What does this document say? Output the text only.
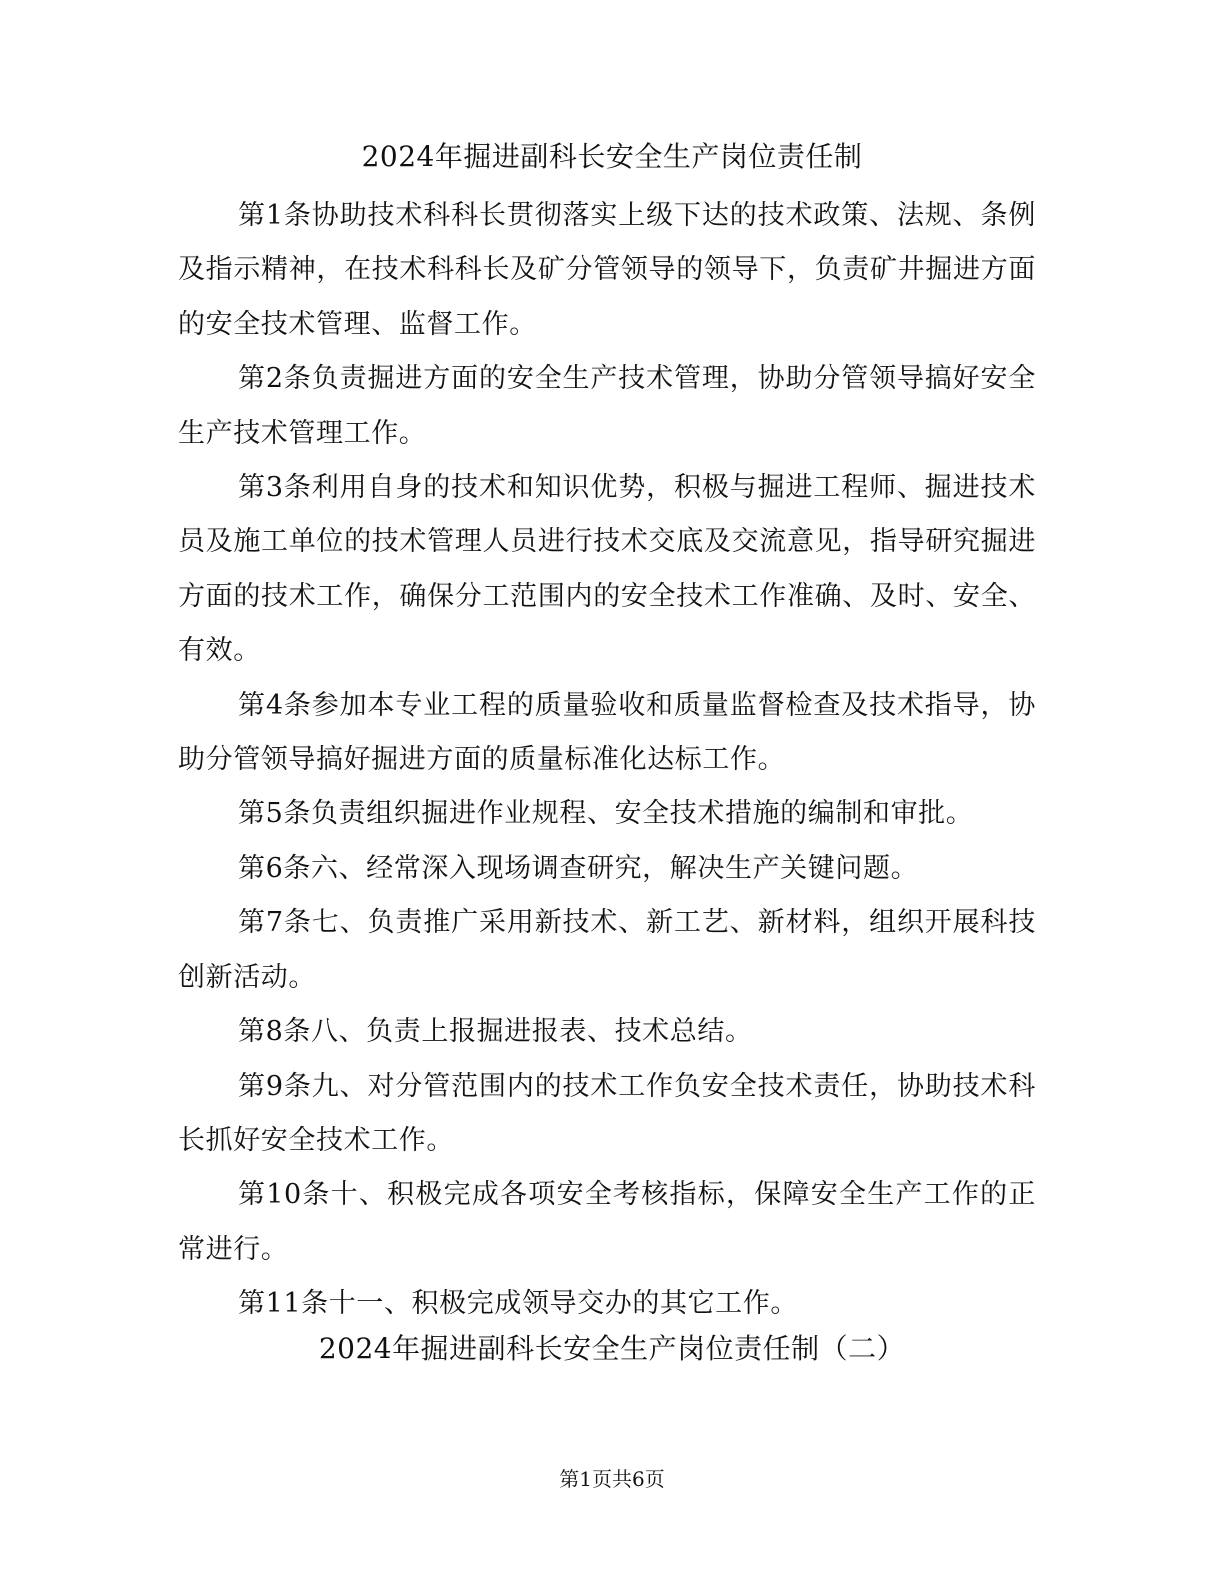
2024年掘进副科长安全生产岗位责任制

第1条协助技术科科长贯彻落实上级下达的技术政策、法规、条例及指示精神，在技术科科长及矿分管领导的领导下，负责矿井掘进方面的安全技术管理、监督工作。

第2条负责掘进方面的安全生产技术管理，协助分管领导搞好安全生产技术管理工作。

第3条利用自身的技术和知识优势，积极与掘进工程师、掘进技术员及施工单位的技术管理人员进行技术交底及交流意见，指导研究掘进方面的技术工作，确保分工范围内的安全技术工作准确、及时、安全、有效。

第4条参加本专业工程的质量验收和质量监督检查及技术指导，协助分管领导搞好掘进方面的质量标准化达标工作。

第5条负责组织掘进作业规程、安全技术措施的编制和审批。

第6条六、经常深入现场调查研究，解决生产关键问题。

第7条七、负责推广采用新技术、新工艺、新材料，组织开展科技创新活动。

第8条八、负责上报掘进报表、技术总结。

第9条九、对分管范围内的技术工作负安全技术责任，协助技术科长抓好安全技术工作。

第10条十、积极完成各项安全考核指标，保障安全生产工作的正常进行。

第11条十一、积极完成领导交办的其它工作。

2024年掘进副科长安全生产岗位责任制（二）
第1页共6页
